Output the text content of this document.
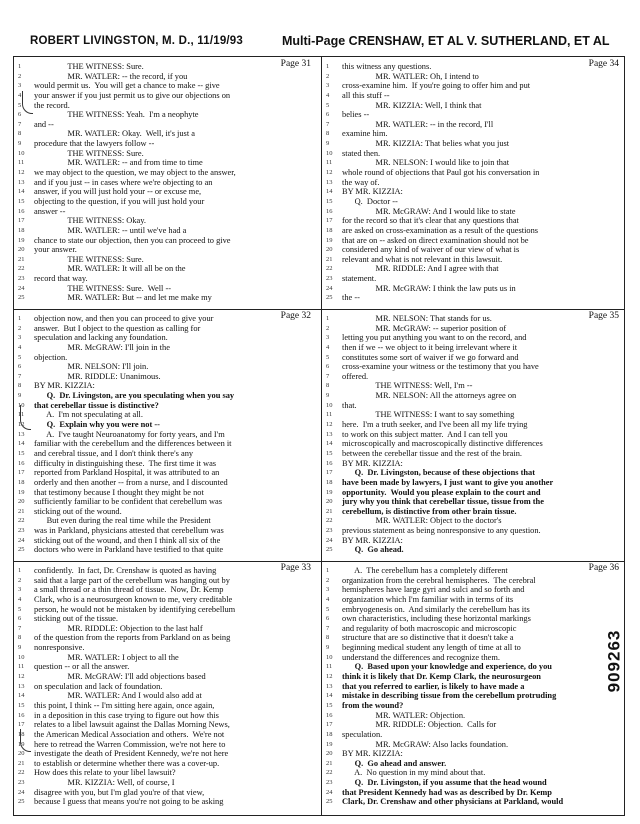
ROBERT LIVINGSTON, M. D., 11/19/93	Multi-Page CRENSHAW, ET AL V. SUTHERLAND, ET AL
Page 31
1	THE WITNESS: Sure.
2	MR. WATLER: -- the record, if you
3	would permit us.  You will get a chance to make -- give
4	your answer if you just permit us to give our objections on
5	the record.
6	THE WITNESS: Yeah.  I'm a neophyte
7	and --
8	MR. WATLER: Okay.  Well, it's just a
9	procedure that the lawyers follow --
10	THE WITNESS: Sure.
11	MR. WATLER: -- and from time to time
12	we may object to the question, we may object to the answer,
13	and if you just -- in cases where we're objecting to an
14	answer, if you will just hold your -- or excuse me,
15	objecting to the question, if you will just hold your
16	answer --
17	THE WITNESS: Okay.
18	MR. WATLER: -- until we've had a
19	chance to state our objection, then you can proceed to give
20	your answer.
21	THE WITNESS: Sure.
22	MR. WATLER: It will all be on the
23	record that way.
24	THE WITNESS: Sure.  Well --
25	MR. WATLER: But -- and let me make my
Page 34
1	this witness any questions.
2	MR. WATLER: Oh, I intend to
3	cross-examine him.  If you're going to offer him and put
4	all this stuff --
5	MR. KIZZIA: Well, I think that
6	belies --
7	MR. WATLER: -- in the record, I'll
8	examine him.
9	MR. KIZZIA: That belies what you just
10	stated then.
11	MR. NELSON: I would like to join that
12	whole round of objections that Paul got his conversation in
13	the way of.
14	BY MR. KIZZIA:
15	Q.  Doctor --
16	MR. McGRAW: And I would like to state
17	for the record so that it's clear that any questions that
18	are asked on cross-examination as a result of the questions
19	that are on -- asked on direct examination should not be
20	considered any kind of waiver of our view of what is
21	relevant and what is not relevant in this lawsuit.
22	MR. RIDDLE: And I agree with that
23	statement.
24	MR. McGRAW: I think the law puts us in
25	the --
Page 32
1	objection now, and then you can proceed to give your
2	answer.  But I object to the question as calling for
3	speculation and lacking any foundation.
4	MR. McGRAW: I'll join in the
5	objection.
6	MR. NELSON: I'll join.
7	MR. RIDDLE: Unanimous.
8	BY MR. KIZZIA:
9	Q.  Dr. Livingston, are you speculating when you say
10	that cerebellar tissue is distinctive?
11	A.  I'm not speculating at all.
12	Q.  Explain why you were not --
13	A.  I've taught Neuroanatomy for forty years, and I'm
14	familiar with the cerebellum and the differences between it
15	and cerebral tissue, and I don't think there's any
16	difficulty in distinguishing these.  The first time it was
17	reported from Parkland Hospital, it was attributed to an
18	orderly and then another -- from a nurse, and I discounted
19	that testimony because I thought they might be not
20	sufficiently familiar to be confident that cerebellum was
21	sticking out of the wound.
22	But even during the real time while the President
23	was in Parkland, physicians attested that cerebellum was
24	sticking out of the wound, and then I think all six of the
25	doctors who were in Parkland have testified to that quite
Page 35
1	MR. NELSON: That stands for us.
2	MR. McGRAW: -- superior position of
3	letting you put anything you want to on the record, and
4	then if we -- we object to it being irrelevant where it
5	constitutes some sort of waiver if we go forward and
6	cross-examine your witness or the testimony that you have
7	offered.
8	THE WITNESS: Well, I'm --
9	MR. NELSON: All the attorneys agree on
10	that.
11	THE WITNESS: I want to say something
12	here.  I'm a truth seeker, and I've been all my life trying
13	to work on this subject matter.  And I can tell you
14	microscopically and macroscopically distinctive differences
15	between the cerebellar tissue and the rest of the brain.
16	BY MR. KIZZIA:
17	Q.  Dr. Livingston, because of these objections that
18	have been made by lawyers, I just want to give you another
19	opportunity.  Would you please explain to the court and
20	jury why you think that cerebellar tissue, tissue from the
21	cerebellum, is distinctive from other brain tissue.
22	MR. WATLER: Object to the doctor's
23	previous statement as being nonresponsive to any question.
24	BY MR. KIZZIA:
25	Q.  Go ahead.
Page 33
1	confidently.  In fact, Dr. Crenshaw is quoted as having
2	said that a large part of the cerebellum was hanging out by
3	a small thread or a thin thread of tissue.  Now, Dr. Kemp
4	Clark, who is a neurosurgeon known to me, very creditable
5	person, he would not be mistaken by identifying cerebellum
6	sticking out of the tissue.
7	MR. RIDDLE: Objection to the last half
8	of the question from the reports from Parkland on as being
9	nonresponsive.
10	MR. WATLER: I object to all the
11	question -- or all the answer.
12	MR. McGRAW: I'll add objections based
13	on speculation and lack of foundation.
14	MR. WATLER: And I would also add at
15	this point, I think -- I'm sitting here again, once again,
16	in a deposition in this case trying to figure out how this
17	relates to a libel lawsuit against the Dallas Morning News,
18	the American Medical Association and others.  We're not
19	here to retread the Warren Commission, we're not here to
20	investigate the death of President Kennedy, we're not here
21	to establish or determine whether there was a cover-up.
22	How does this relate to your libel lawsuit?
23	MR. KIZZIA: Well, of course, I
24	disagree with you, but I'm glad you're of that view,
25	because I guess that means you're not going to be asking
Page 36
1	A.  The cerebellum has a completely different
2	organization from the cerebral hemispheres.  The cerebral
3	hemispheres have large gyri and sulci and so forth and
4	organization which I'm familiar with in terms of its
5	embryogenesis on.  And similarly the cerebellum has its
6	own characteristics, including these horizontal markings
7	and regularity of both macroscopic and microscopic
8	structure that are so distinctive that it doesn't take a
9	beginning medical student any length of time at all to
10	understand the differences and recognize them.
11	Q.  Based upon your knowledge and experience, do you
12	think it is likely that Dr. Kemp Clark, the neurosurgeon
13	that you referred to earlier, is likely to have made a
14	mistake in describing tissue from the cerebellum protruding
15	from the wound?
16	MR. WATLER: Objection.
17	MR. RIDDLE: Objection.  Calls for
18	speculation.
19	MR. McGRAW: Also lacks foundation.
20	BY MR. KIZZIA:
21	Q.  Go ahead and answer.
22	A.  No question in my mind about that.
23	Q.  Dr. Livingston, if you assume that the head wound
24	that President Kennedy had was as described by Dr. Kemp
25	Clark, Dr. Crenshaw and other physicians at Parkland, would
909263
